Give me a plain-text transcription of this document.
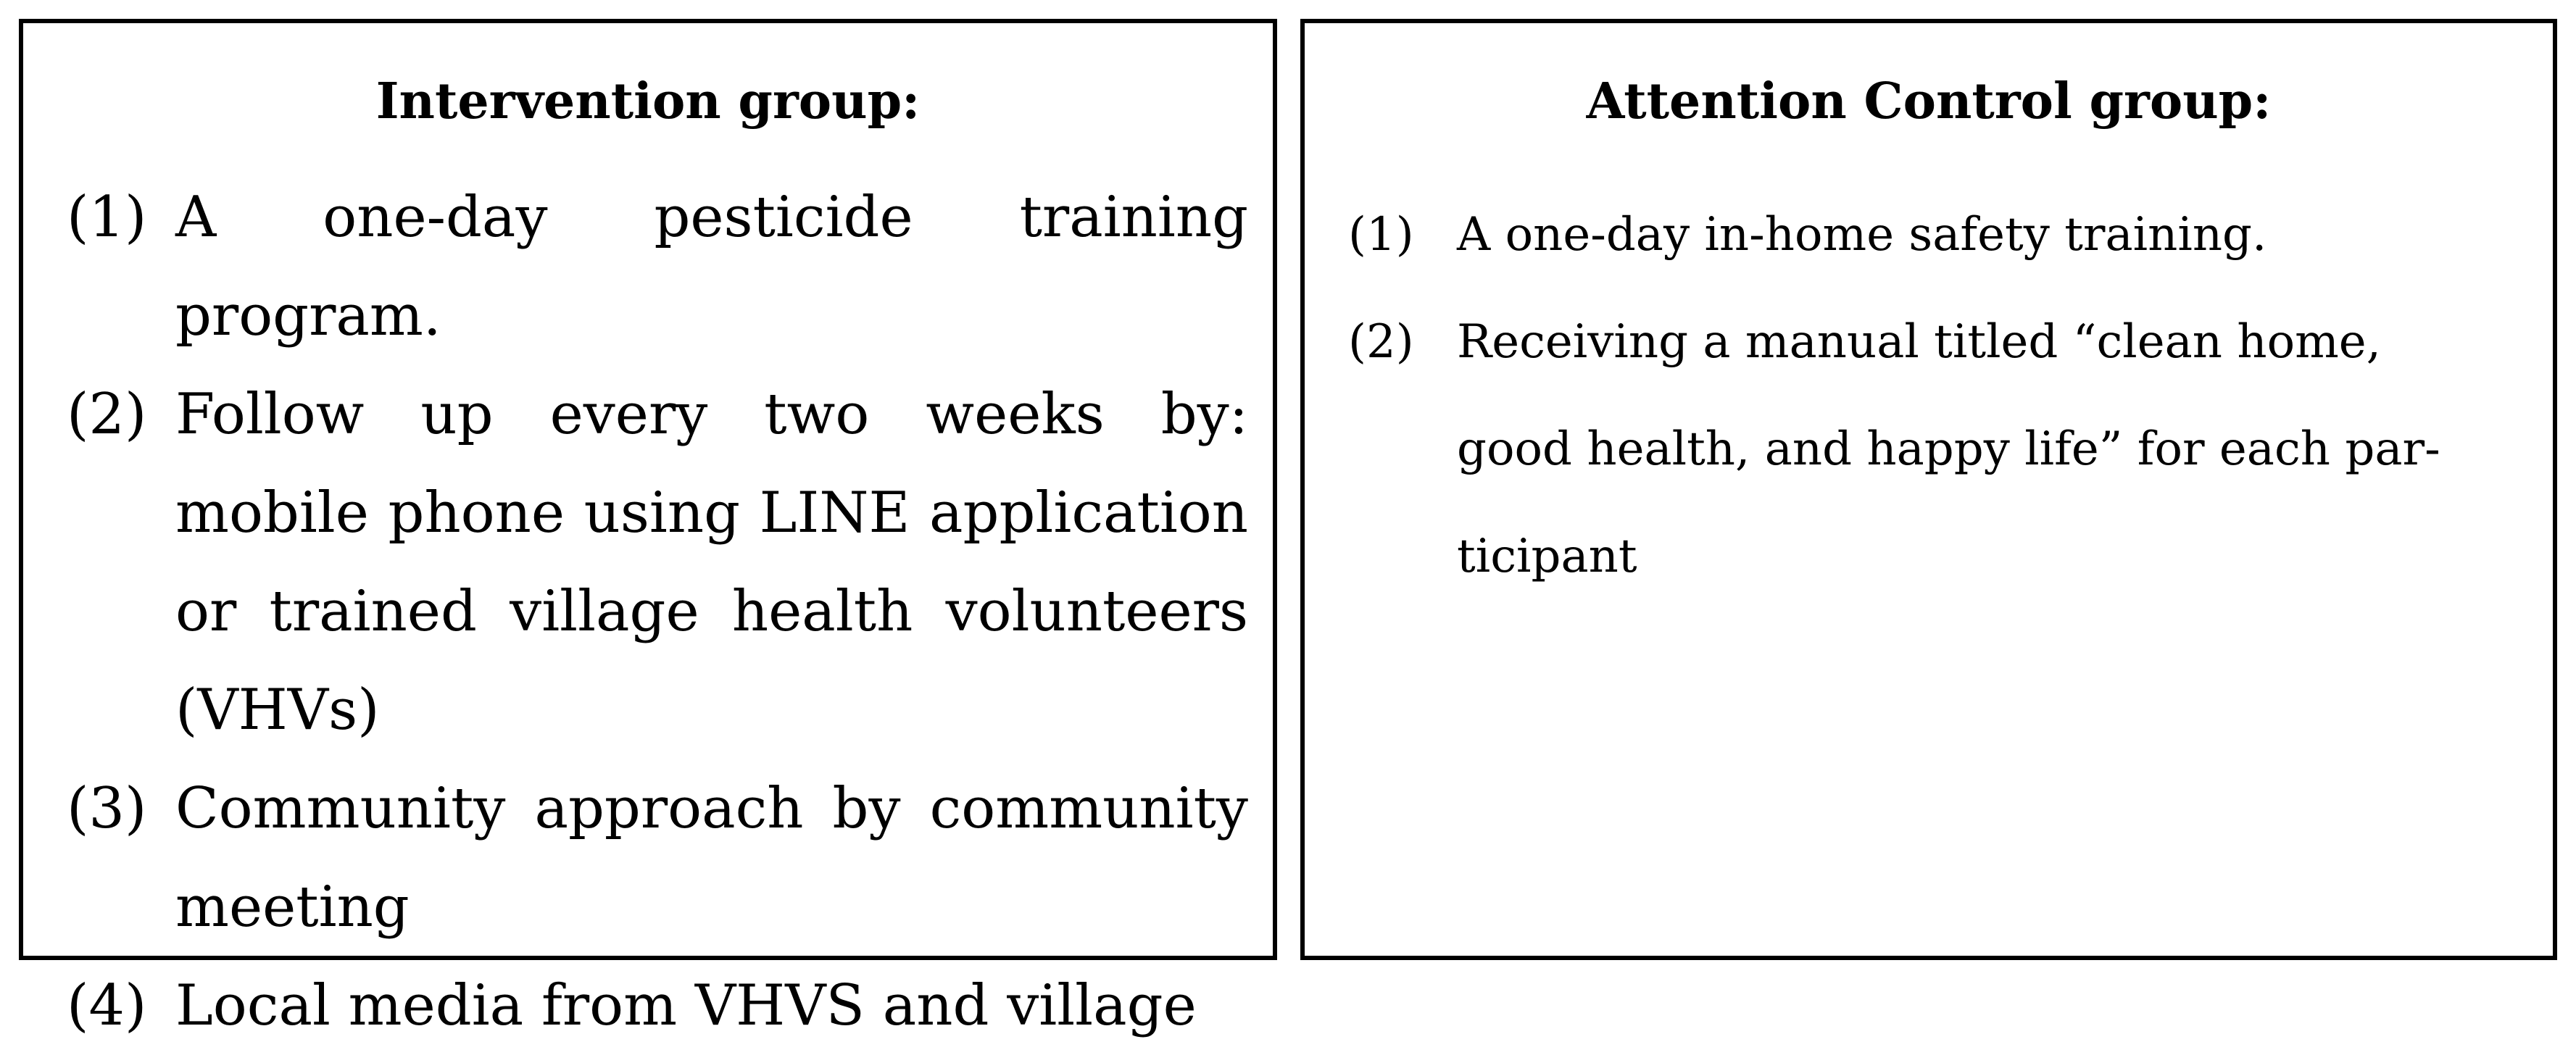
Intervention group:
(1) A one-day pesticide training program.
(2) Follow up every two weeks by: mobile phone using LINE application or trained village health volunteers (VHVs)
(3) Community approach by community meeting
(4) Local media from VHVS and village
Attention Control group:
(1) A one-day in-home safety training.
(2) Receiving a manual titled “clean home, good health, and happy life” for each par-ticipant
